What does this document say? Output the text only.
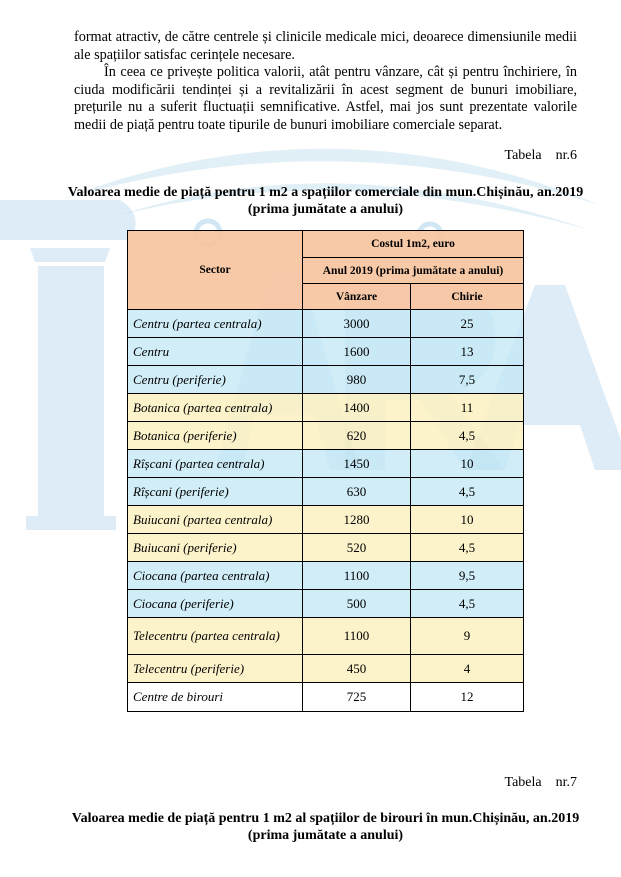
format atractiv, de către centrele și clinicile medicale mici, deoarece dimensiunile medii ale spațiilor satisfac cerințele necesare.

În ceea ce privește politica valorii, atât pentru vânzare, cât și pentru închiriere, în ciuda modificării tendinței și a revitalizării în acest segment de bunuri imobiliare, prețurile nu a suferit fluctuații semnificative. Astfel, mai jos sunt prezentate valorile medii de piață pentru toate tipurile de bunuri imobiliare comerciale separat.

Tabela nr.6

Valoarea medie de piață pentru 1 m2 a spațiilor comerciale din mun.Chișinău, an.2019 (prima jumătate a anului)

Sector	Costul 1m2, euro	
	Anul 2019 (prima jumătate a anului)	
	Vânzare	Chirie
Centru (partea centrala)	3000	25
Centru	1600	13
Centru (periferie)	980	7,5
Botanica (partea centrala)	1400	11
Botanica (periferie)	620	4,5
Rîșcani (partea centrala)	1450	10
Rîșcani (periferie)	630	4,5
Buiucani (partea centrala)	1280	10
Buiucani (periferie)	520	4,5
Ciocana (partea centrala)	1100	9,5
Ciocana (periferie)	500	4,5
Telecentru (partea centrala)	1100	9
Telecentru (periferie)	450	4
Centre de birouri	725	12

Tabela nr.7

Valoarea medie de piață pentru 1 m2 al spațiilor de birouri în mun.Chișinău, an.2019 (prima jumătate a anului)
